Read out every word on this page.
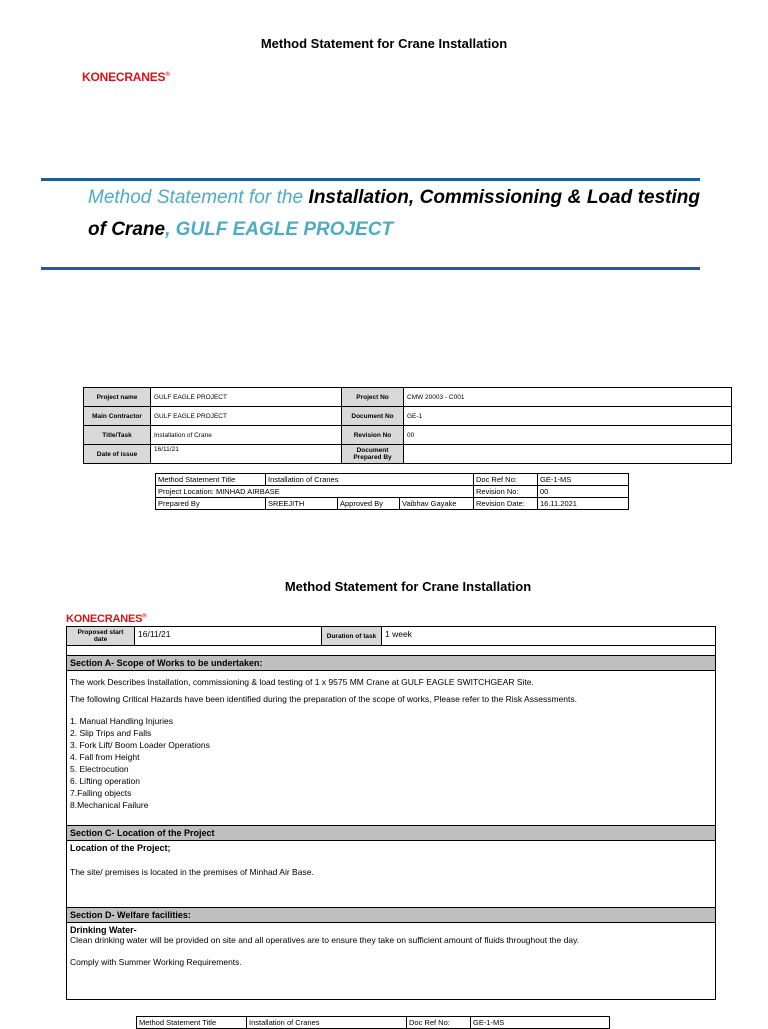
Method Statement for Crane Installation
KONECRANES®
Method Statement for the Installation, Commissioning & Load testing of Crane, GULF EAGLE PROJECT
Project name	GULF EAGLE PROJECT	Project No	CMW 20003 - C001
Main Contractor	GULF EAGLE PROJECT	Document No	GE-1
Title/Task	Installation of Crane	Revision No	00
Date of issue	16/11/21	Document Prepared By	
Method Statement Title	Installation of Cranes			Doc Ref No:	GE-1-MS
Project Location: MINHAD AIRBASE				Revision No:	00
Prepared By	SREEJITH	Approved By	Vaibhav Gayake	Revision Date:	16.11.2021
Method Statement for Crane Installation
KONECRANES®
Proposed start date	16/11/21	Duration of task	1 week

Section A- Scope of Works to be undertaken:

The work Describes Installation, commissioning & load testing of 1 x 9575 MM Crane at GULF EAGLE SWITCHGEAR Site.

The following Critical Hazards have been identified during the preparation of the scope of works, Please refer to the Risk Assessments.

1. Manual Handling Injuries

2. Slip Trips and Falls

3. Fork Lift/ Boom Loader Operations

4. Fall from Height

5. Electrocution

6. Lifting operation

7.Falling objects

8.Mechanical Failure

Section C- Location of the Project

Location of the Project;

The site/ premises is located in the premises of Minhad Air Base.

Section D- Welfare facilities:

Drinking Water-

Clean drinking water will be provided on site and all operatives are to ensure they take on sufficient amount of fluids throughout the day.

Comply with Summer Working Requirements.

Method Statement Title	Installation of Cranes	Doc Ref No:	GE-1-MS
